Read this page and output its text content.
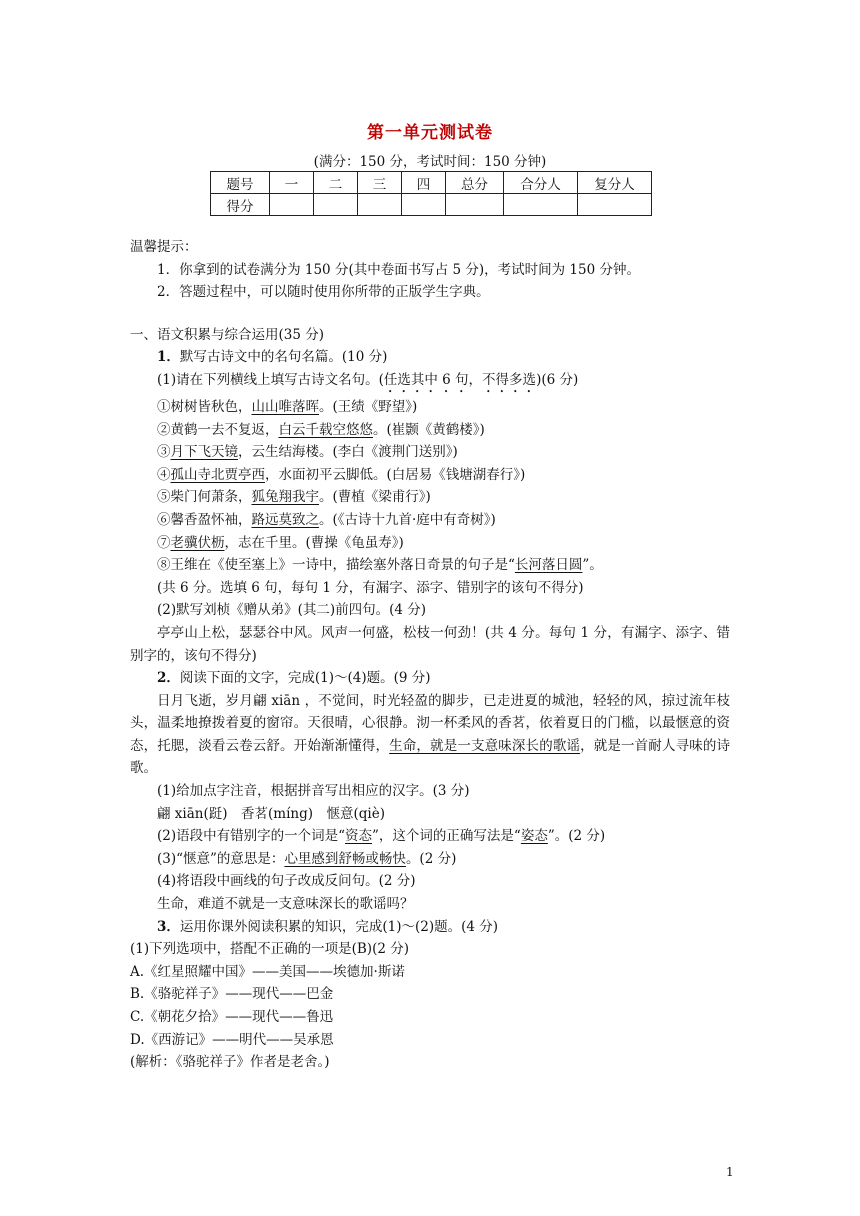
第一单元测试卷
(满分：150 分，考试时间：150 分钟)
题号	一	二	三	四	总分	合分人	复分人
得分							

温馨提示：

1．你拿到的试卷满分为 150 分(其中卷面书写占 5 分)，考试时间为 150 分钟。

2．答题过程中，可以随时使用你所带的正版学生字典。

一、语文积累与综合运用(35 分)

1．默写古诗文中的名句名篇。(10 分)

(1)请在下列横线上填写古诗文名句。(任选其中 6 句，不得多选)(6 分)

①树树皆秋色，山山唯落晖。(王绩《野望》)

②黄鹤一去不复返，白云千载空悠悠。(崔颢《黄鹤楼》)

③月下飞天镜，云生结海楼。(李白《渡荆门送别》)

④孤山寺北贾亭西，水面初平云脚低。(白居易《钱塘湖春行》)

⑤柴门何萧条，狐兔翔我宇。(曹植《梁甫行》)

⑥馨香盈怀袖，路远莫致之。(《古诗十九首·庭中有奇树》)

⑦老骥伏枥，志在千里。(曹操《龟虽寿》)

⑧王维在《使至塞上》一诗中，描绘塞外落日奇景的句子是“长河落日圆”。

(共 6 分。选填 6 句，每句 1 分，有漏字、添字、错别字的该句不得分)

(2)默写刘桢《赠从弟》(其二)前四句。(4 分)

亭亭山上松，瑟瑟谷中风。风声一何盛，松枝一何劲！(共 4 分。每句 1 分，有漏字、添字、错别字的，该句不得分)

2．阅读下面的文字，完成(1)～(4)题。(9 分)

日月飞逝，岁月翩 xiān ，不觉间，时光轻盈的脚步，已走进夏的城池，轻轻的风，掠过流年枝头，温柔地撩拨着夏的窗帘。天很晴，心很静。沏一杯柔风的香茗，依着夏日的门槛，以最惬意的资态，托腮，淡看云卷云舒。开始渐渐懂得，生命，就是一支意味深长的歌谣，就是一首耐人寻味的诗歌。

(1)给加点字注音，根据拼音写出相应的汉字。(3 分)

翩 xiān(跹)　香茗(míng)　惬意(qiè)

(2)语段中有错别字的一个词是“资态”，这个词的正确写法是“姿态”。(2 分)

(3)“惬意”的意思是：心里感到舒畅或畅快。(2 分)

(4)将语段中画线的句子改成反问句。(2 分)

生命，难道不就是一支意味深长的歌谣吗？

3．运用你课外阅读积累的知识，完成(1)～(2)题。(4 分)

(1)下列选项中，搭配不正确的一项是(B)(2 分)

A.《红星照耀中国》——美国——埃德加·斯诺

B.《骆驼祥子》——现代——巴金

C.《朝花夕拾》——现代——鲁迅

D.《西游记》——明代——吴承恩

(解析：《骆驼祥子》作者是老舍。)

1
